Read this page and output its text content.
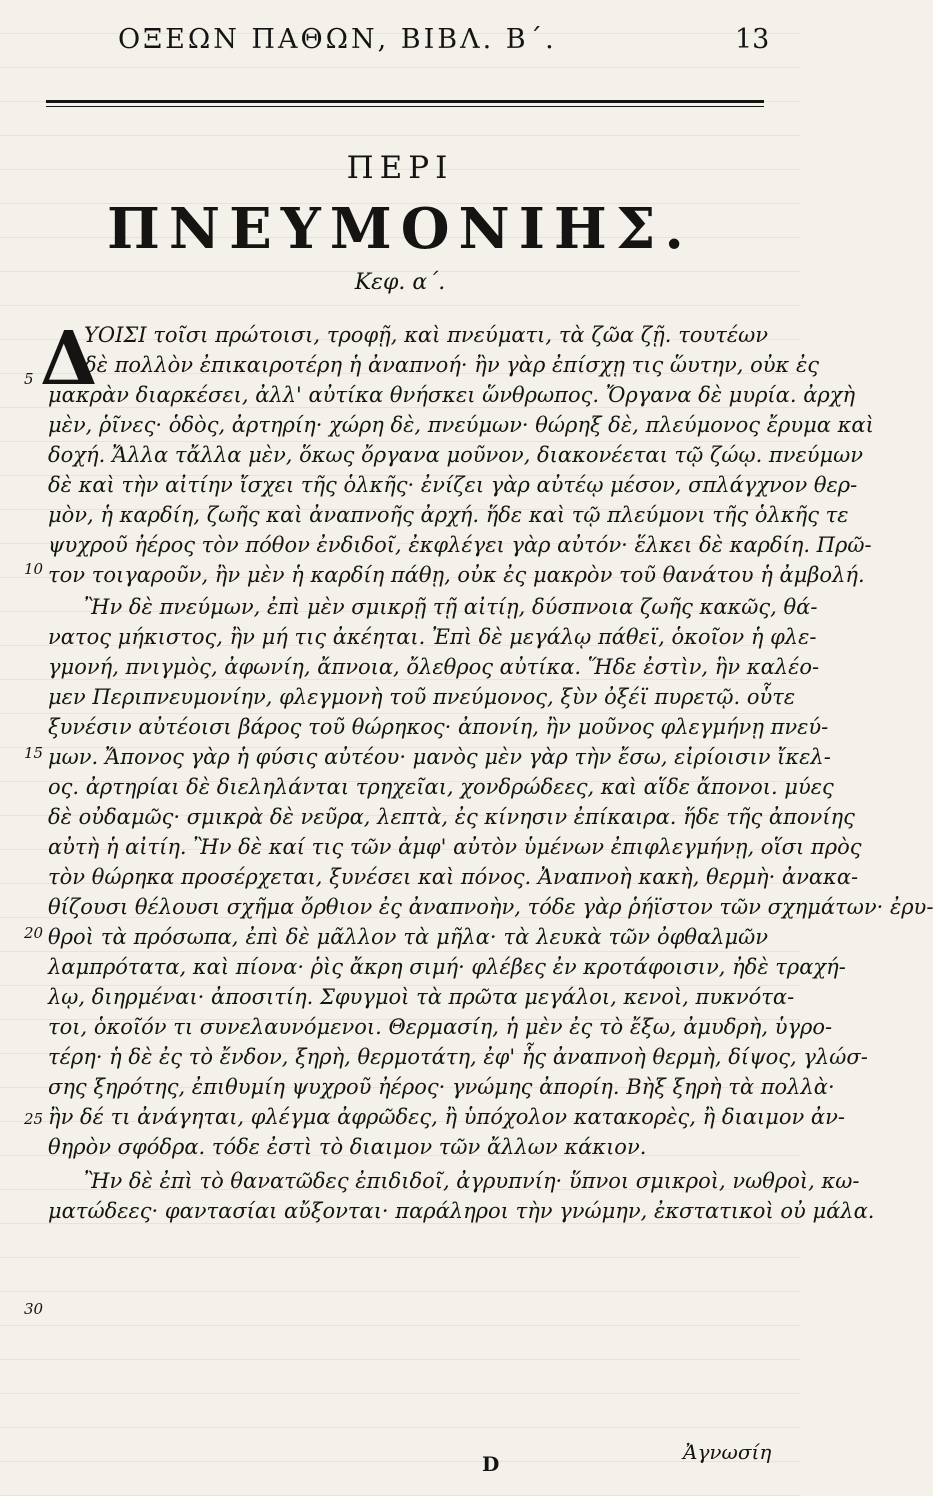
ΟΞΕΩΝ ΠΑΘΩΝ, ΒΙΒΛ. Β΄.	13
ΠΕΡΙ
ΠΝΕΥΜΟΝΙΗΣ.
Κεφ. α΄.
Δ
ΥΟΙΣΙ τοῖσι πρώτοισι, τροφῇ, καὶ πνεύματι, τὰ ζῶα ζῇ. τουτέων
δὲ πολλὸν ἐπικαιροτέρη ἡ ἀναπνοή· ἢν γὰρ ἐπίσχῃ τις ὥυτην, οὐκ ἐς
μακρὰν διαρκέσει, ἀλλ' αὐτίκα θνήσκει ὥνθρωπος. Ὄργανα δὲ μυρία. ἀρχὴ
μὲν, ῥῖνες· ὁδὸς, ἀρτηρίη· χώρη δὲ, πνεύμων· θώρηξ δὲ, πλεύμονος ἔρυμα καὶ
δοχή. Ἄλλα τἄλλα μὲν, ὅκως ὄργανα μοῦνον, διακονέεται τῷ ζώῳ. πνεύμων
δὲ καὶ τὴν αἰτίην ἴσχει τῆς ὁλκῆς· ἐνίζει γὰρ αὐτέῳ μέσον, σπλάγχνον θερ-
μὸν, ἡ καρδίη, ζωῆς καὶ ἀναπνοῆς ἀρχή. ἥδε καὶ τῷ πλεύμονι τῆς ὁλκῆς τε
ψυχροῦ ἠέρος τὸν πόθον ἐνδιδοῖ, ἐκφλέγει γὰρ αὐτόν· ἕλκει δὲ καρδίη. Πρῶ-
τον τοιγαροῦν, ἢν μὲν ἡ καρδίη πάθῃ, οὐκ ἐς μακρὸν τοῦ θανάτου ἡ ἀμβολή.
Ἢν δὲ πνεύμων, ἐπὶ μὲν σμικρῇ τῇ αἰτίῃ, δύσπνοια ζωῆς κακῶς, θά-
νατος μήκιστος, ἢν μή τις ἀκέηται. Ἐπὶ δὲ μεγάλῳ πάθεϊ, ὁκοῖον ἡ φλε-
γμονή, πνιγμὸς, ἀφωνίη, ἄπνοια, ὄλεθρος αὐτίκα. Ἥδε ἐστὶν, ἣν καλέο-
μεν Περιπνευμονίην, φλεγμονὴ τοῦ πνεύμονος, ξὺν ὀξέϊ πυρετῷ. οὗτε
ξυνέσιν αὐτέοισι βάρος τοῦ θώρηκος· ἀπονίη, ἢν μοῦνος φλεγμήνῃ πνεύ-
μων. Ἄπονος γὰρ ἡ φύσις αὐτέου· μανὸς μὲν γὰρ τὴν ἔσω, εἰρίοισιν ἴκελ-
ος. ἀρτηρίαι δὲ διεληλάνται τρηχεῖαι, χονδρώδεες, καὶ αἵδε ἄπονοι. μύες
δὲ οὐδαμῶς· σμικρὰ δὲ νεῦρα, λεπτὰ, ἐς κίνησιν ἐπίκαιρα. ἥδε τῆς ἀπονίης
αὐτὴ ἡ αἰτίη. Ἢν δὲ καί τις τῶν ἀμφ' αὐτὸν ὑμένων ἐπιφλεγμήνῃ, οἵσι πρὸς
τὸν θώρηκα προσέρχεται, ξυνέσει καὶ πόνος. Ἀναπνοὴ κακὴ, θερμὴ· ἀνακα-
θίζουσι θέλουσι σχῆμα ὄρθιον ἐς ἀναπνοὴν, τόδε γὰρ ῥήϊστον τῶν σχημάτων· ἐρυ-
θροὶ τὰ πρόσωπα, ἐπὶ δὲ μᾶλλον τὰ μῆλα· τὰ λευκὰ τῶν ὀφθαλμῶν
λαμπρότατα, καὶ πίονα· ῥὶς ἄκρη σιμή· φλέβες ἐν κροτάφοισιν, ἠδὲ τραχή-
λῳ, διηρμέναι· ἀποσιτίη. Σφυγμοὶ τὰ πρῶτα μεγάλοι, κενοὶ, πυκνότα-
τοι, ὁκοῖόν τι συνελαυνόμενοι. Θερμασίη, ἡ μὲν ἐς τὸ ἔξω, ἀμυδρὴ, ὑγρο-
τέρη· ἡ δὲ ἐς τὸ ἔνδον, ξηρὴ, θερμοτάτη, ἐφ' ἧς ἀναπνοὴ θερμὴ, δίψος, γλώσ-
σης ξηρότης, ἐπιθυμίη ψυχροῦ ἠέρος· γνώμης ἀπορίη. Βὴξ ξηρὴ τὰ πολλὰ·
ἢν δέ τι ἀνάγηται, φλέγμα ἀφρῶδες, ἢ ὑπόχολον κατακορὲς, ἢ διαιμον ἀν-
θηρὸν σφόδρα. τόδε ἐστὶ τὸ διαιμον τῶν ἄλλων κάκιον.
Ἢν δὲ ἐπὶ τὸ θανατῶδες ἐπιδιδοῖ, ἀγρυπνίη· ὕπνοι σμικροὶ, νωθροὶ, κω-
ματώδεες· φαντασίαι αὔξονται· παράληροι τὴν γνώμην, ἐκστατικοὶ οὐ μάλα.
5
10
15
20
25
30
D	Ἀγνωσίη
